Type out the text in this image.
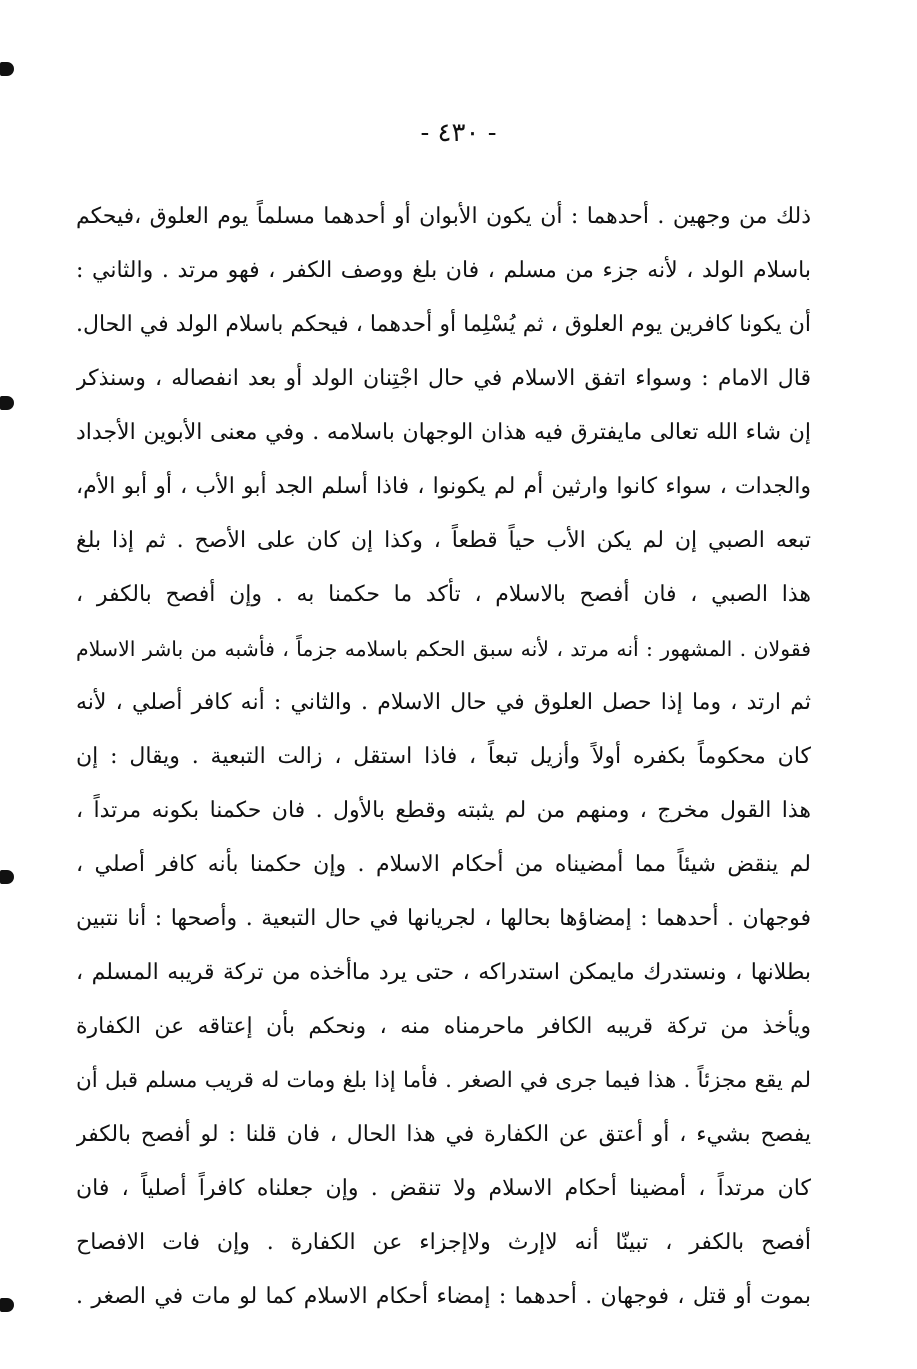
- ٤٣٠ -
ذلك من وجهين . أحدهما : أن يكون الأبوان أو أحدهما مسلماً يوم العلوق ،فيحكم
باسلام الولد ، لأنه جزء من مسلم ، فان بلغ ووصف الكفر ، فهو مرتد . والثاني :
أن يكونا كافرين يوم العلوق ، ثم يُسْلِما أو أحدهما ، فيحكم باسلام الولد في الحال.
قال الامام : وسواء اتفق الاسلام في حال اجْتِنان الولد أو بعد انفصاله ، وسنذكر
إن شاء الله تعالى مايفترق فيه هذان الوجهان باسلامه . وفي معنى الأبوين الأجداد
والجدات ، سواء كانوا وارثين أم لم يكونوا ، فاذا أسلم الجد أبو الأب ، أو أبو الأم،
تبعه الصبي إن لم يكن الأب حياً قطعاً ، وكذا إن كان على الأصح . ثم إذا بلغ
هذا الصبي ، فان أفصح بالاسلام ، تأكد ما حكمنا به . وإن أفصح بالكفر ،
فقولان . المشهور : أنه مرتد ، لأنه سبق الحكم باسلامه جزماً ، فأشبه من باشر الاسلام
ثم ارتد ، وما إذا حصل العلوق في حال الاسلام . والثاني : أنه كافر أصلي ، لأنه
كان محكوماً بكفره أولاً وأزيل تبعاً ، فاذا استقل ، زالت التبعية . ويقال : إن
هذا القول مخرج ، ومنهم من لم يثبته وقطع بالأول . فان حكمنا بكونه مرتداً ،
لم ينقض شيئاً مما أمضيناه من أحكام الاسلام . وإن حكمنا بأنه كافر أصلي ،
فوجهان . أحدهما : إمضاؤها بحالها ، لجريانها في حال التبعية . وأصحها : أنا نتبين
بطلانها ، ونستدرك مايمكن استدراكه ، حتى يرد ماأخذه من تركة قريبه المسلم ،
ويأخذ من تركة قريبه الكافر ماحرمناه منه ، ونحكم بأن إعتاقه عن الكفارة
لم يقع مجزئاً . هذا فيما جرى في الصغر . فأما إذا بلغ ومات له قريب مسلم قبل أن
يفصح بشيء ، أو أعتق عن الكفارة في هذا الحال ، فان قلنا : لو أفصح بالكفر
كان مرتداً ، أمضينا أحكام الاسلام ولا تنقض . وإن جعلناه كافراً أصلياً ، فان
أفصح بالكفر ، تبينّا أنه لاإرث ولاإجزاء عن الكفارة . وإن فات الافصاح
بموت أو قتل ، فوجهان . أحدهما : إمضاء أحكام الاسلام كما لو مات في الصغر .
